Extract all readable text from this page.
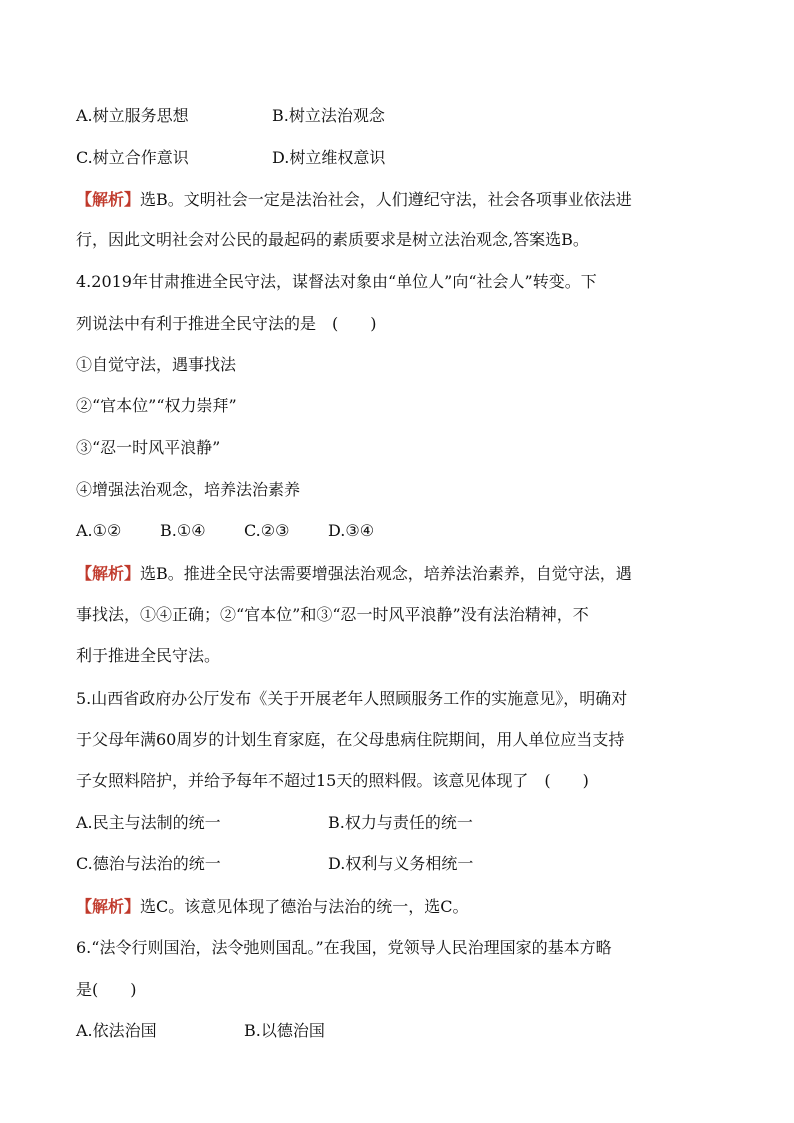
A.树立服务思想	B.树立法治观念
C.树立合作意识	D.树立维权意识
【解析】选B。文明社会一定是法治社会，人们遵纪守法，社会各项事业依法进
行，因此文明社会对公民的最起码的素质要求是树立法治观念,答案选B。
4.2019年甘肃推进全民守法，谋督法对象由“单位人”向“社会人”转变。下
列说法中有利于推进全民守法的是　(　　)
①自觉守法，遇事找法
②“官本位”“权力崇拜”
③“忍一时风平浪静”
④增强法治观念，培养法治素养
A.①② B.①④ C.②③ D.③④
【解析】选B。推进全民守法需要增强法治观念，培养法治素养，自觉守法，遇
事找法，①④正确；②“官本位”和③“忍一时风平浪静”没有法治精神，不
利于推进全民守法。
5.山西省政府办公厅发布《关于开展老年人照顾服务工作的实施意见》，明确对
于父母年满60周岁的计划生育家庭，在父母患病住院期间，用人单位应当支持
子女照料陪护，并给予每年不超过15天的照料假。该意见体现了　(　　)
A.民主与法制的统一	B.权力与责任的统一
C.德治与法治的统一	D.权利与义务相统一
【解析】选C。该意见体现了德治与法治的统一，选C。
6.“法令行则国治，法令弛则国乱。”在我国，党领导人民治理国家的基本方略
是(　　)
A.依法治国	B.以德治国
